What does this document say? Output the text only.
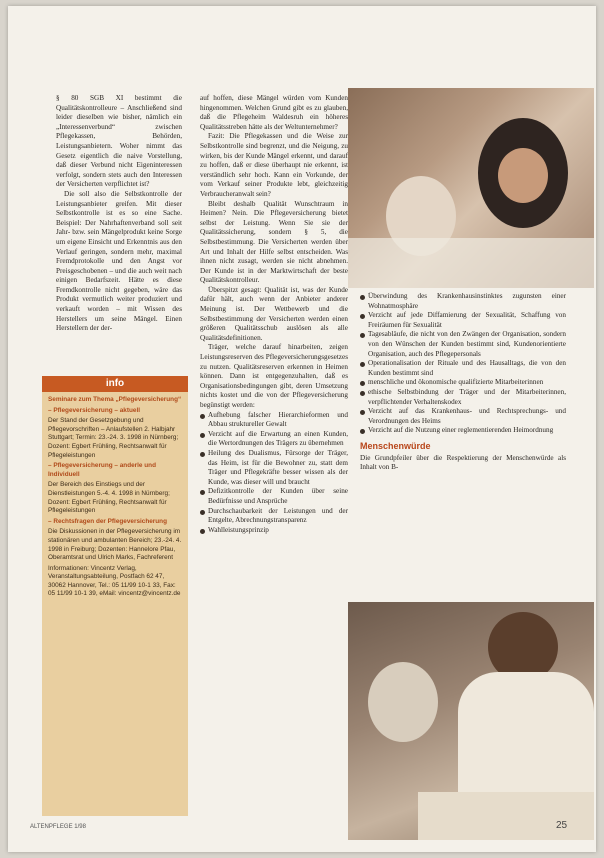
§ 80 SGB XI bestimmt die Qualitätskontrolleure – Anschließend sind leider dieselben wie bisher, nämlich ein „Interessenverbund“ zwischen Pflegekassen, Behörden, Leistungsanbietern. Woher nimmt das Gesetz eigentlich die naive Vorstellung, daß dieser Verbund nicht Eigeninteressen verfolgt, sondern stets auch den Interessen der Versicherten verpflichtet ist?

Die soll also die Selbstkontrolle der Leistungsanbieter greifen. Mit dieser Selbstkontrolle ist es so eine Sache. Beispiel: Der Nahrhaftenverband soll seit Jahr- bzw. sein Mängelprodukt keine Sorge um eigene Einsicht und Erkenntnis aus den Verlauf geringen, sondern mehr, maximal Fremdprotokolle und den Angst vor Preisgeschobenen – und die auch weit nach einigen Bedarfszeit. Hätte es diese Fremdkontrolle nicht gegeben, wäre das Produkt vermutlich weiter produziert und verkauft worden – mit Wissen des Herstellers um seine Mängel. Einen Herstellern der der-

auf hoffen, diese Mängel würden vom Kunden hingenommen. Welchen Grund gibt es zu glauben, daß die Pflegeheim Waldesruh ein höheres Qualitätsstreben hätte als der Weltunternehmer?

Fazit: Die Pflegekassen und die Weise zur Selbstkontrolle sind begrenzt, und die Neigung, zu wirken, bis der Kunde Mängel erkennt, und darauf zu hoffen, daß er diese überhaupt nie erkennt, ist verständlich sehr hoch. Kann ein Vorkunde, der vom Verkauf seiner Produkte lebt, gleichzeitig Verbraucheranwalt sein?

Bleibt deshalb Qualität Wunschtraum in Heimen? Nein. Die Pflegeversicherung bietet selbst der Leistung. Wenn Sie sie der Qualitätssicherung, sondern § 5, die Selbstbestimmung. Die Versicherten werden über Art und Inhalt der Hilfe selbst entscheiden. Was ihnen nicht zusagt, werden sie nicht abnehmen. Der Kunde ist in der Marktwirtschaft der beste Qualitätskontrolleur.

Überspitzt gesagt: Qualität ist, was der Kunde dafür hält, auch wenn der Anbieter anderer Meinung ist. Der Wettbewerb und die Selbstbestimmung der Versicherten werden einen größeren Qualitätsschub auslösen als alle Qualitätsdefinitionen.

Träger, welche darauf hinarbeiten, zeigen Leistungsreserven des Pflegeversicherungsgesetzes zu nutzen. Qualitätsreserven erkennen in Heimen können. Dann ist entgegenzuhalten, daß es Organisationsbedingungen gibt, deren Umsetzung nichts kostet und die von der Pflegeversicherung begünstigt werden:

Aufhebung falscher Hierarchieformen und Abbau struktureller Gewalt
Verzicht auf die Erwartung an einen Kunden, die Wertordnungen des Trägers zu übernehmen
Heilung des Dualismus, Fürsorge der Träger, das Heim, ist für die Bewohner zu, statt dem Träger und Pflegekräfte besser wissen als der Kunde, was dieser will und braucht
Defizitkontrolle der Kunden über seine Bedürfnisse und Ansprüche
Durchschaubarkeit der Leistungen und der Entgelte, Abrechnungstransparenz
Wahlleistungsprinzip
Überwindung des Krankenhausinstinktes zugunsten einer Wohnatmosphäre
Verzicht auf jede Diffamierung der Sexualität, Schaffung von Freiräumen für Sexualität
Tagesabläufe, die nicht von den Zwängen der Organisation, sondern von den Wünschen der Kunden bestimmt sind, Kundenorientierte Organisation, auch des Pflegepersonals
Operationalisation der Rituale und des Hausalltags, die von den Kunden bestimmt sind
menschliche und ökonomische qualifizierte Mitarbeiterinnen
ethische Selbstbindung der Träger und der Mitarbeiterinnen, verpflichtender Verhaltenskodex
Verzicht auf das Krankenhaus- und Rechtsprechungs- und Verordnungen des Heims
Verzicht auf die Nutzung einer reglementierenden Heimordnung
Menschenwürde

Die Grundpfeiler über die Respektierung der Menschenwürde als Inhalt von B-

info

Seminare zum Thema „Pflegeversicherung“

– Pflegeversicherung – aktuell

Der Stand der Gesetzgebung und Pflegevorschriften – Anlaufstellen 2. Halbjahr Stuttgart; Termin: 23.-24. 3. 1998 in Nürnberg; Dozent: Egbert Frühling, Rechtsanwalt für Pflegeleistungen

– Pflegeversicherung – anderle und Individuell

Der Bereich des Einstiegs und der Dienstleistungen 5.-4. 4. 1998 in Nürnberg; Dozent: Egbert Frühling, Rechtsanwalt für Pflegeleistungen

– Rechtsfragen der Pflegeversicherung

Die Diskussionen in der Pflegeversicherung im stationären und ambulanten Bereich; 23.-24. 4. 1998 in Freiburg; Dozenten: Hannelore Pfau, Oberamtsrat und Ulrich Marks, Fachreferent

Informationen: Vincentz Verlag, Veranstaltungsabteilung, Postfach 62 47, 30062 Hannover, Tel.: 05 11/99 10-1 33, Fax: 05 11/99 10-1 39, eMail: vincentz@vincentz.de

ALTENPFLEGE 1/98	25
